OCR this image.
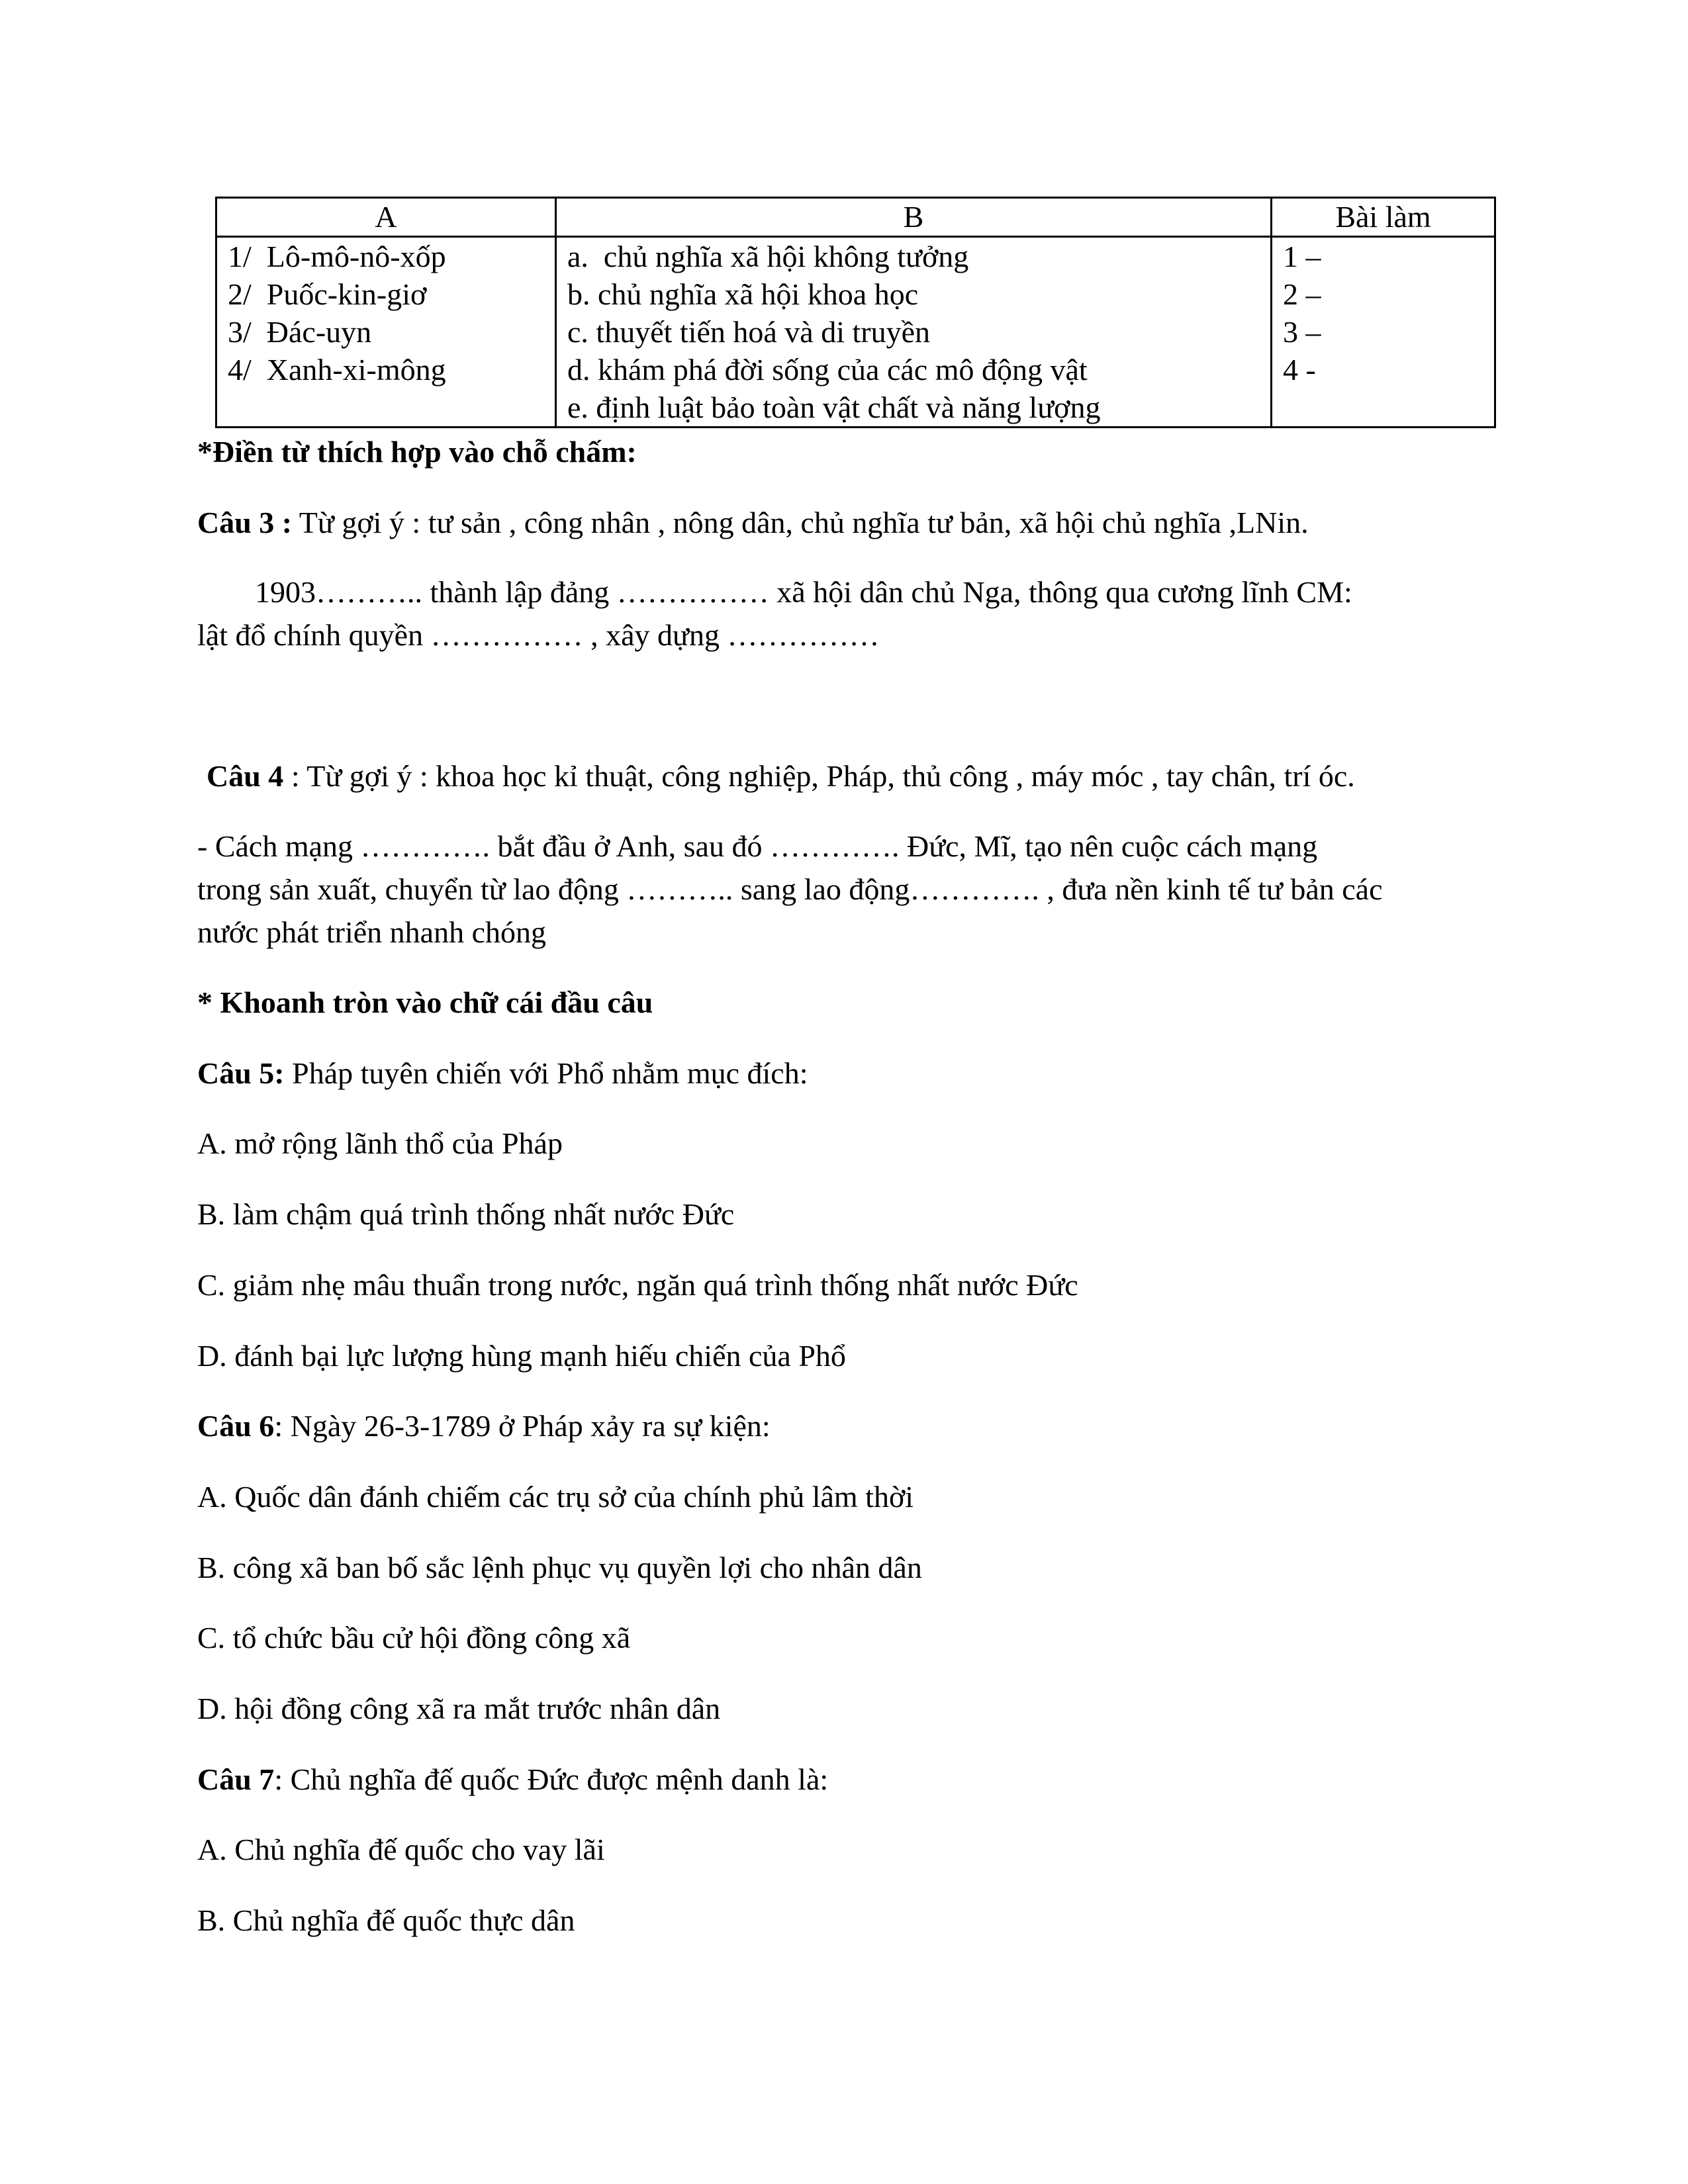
A	B	Bài làm

1/  Lô-mô-nô-xốp
2/  Puốc-kin-giơ
3/  Đác-uyn
4/  Xanh-xi-mông	a.  chủ nghĩa xã hội không tưởng
b. chủ nghĩa xã hội khoa học
c. thuyết tiến hoá và di truyền
d. khám phá đời sống của các mô động vật
e. định luật bảo toàn vật chất và năng lượng	1 –
2 –
3 –
4 -
*Điền từ thích hợp vào chỗ chấm:
Câu 3 : Từ gợi ý : tư sản , công nhân , nông dân, chủ nghĩa tư bản, xã hội chủ nghĩa ,LNin.
1903……….. thành lập đảng …………… xã hội dân chủ Nga, thông qua cương lĩnh CM:
lật đổ chính quyền …………… , xây dựng ……………
Câu 4 : Từ gợi ý : khoa học kỉ thuật, công nghiệp, Pháp, thủ công , máy móc , tay chân, trí óc.
- Cách mạng …………. bắt đầu ở Anh, sau đó …………. Đức, Mĩ, tạo nên cuộc cách mạng
trong sản xuất, chuyển từ lao động ……….. sang lao động…………. , đưa nền kinh tế tư bản các
nước phát triển nhanh chóng
* Khoanh tròn vào chữ cái đầu câu
Câu 5: Pháp tuyên chiến với Phổ nhằm mục đích:
A. mở rộng lãnh thổ của Pháp
B. làm chậm quá trình thống nhất nước Đức
C. giảm nhẹ mâu thuẩn trong nước, ngăn quá trình thống nhất nước Đức
D. đánh bại lực lượng hùng mạnh hiếu chiến của Phổ
Câu 6: Ngày 26-3-1789 ở Pháp xảy ra sự kiện:
A. Quốc dân đánh chiếm các trụ sở của chính phủ lâm thời
B. công xã ban bố sắc lệnh phục vụ quyền lợi cho nhân dân
C. tổ chức bầu cử hội đồng công xã
D. hội đồng công xã ra mắt trước nhân dân
Câu 7: Chủ nghĩa đế quốc Đức được mệnh danh là:
A. Chủ nghĩa đế quốc cho vay lãi
B. Chủ nghĩa đế quốc thực dân
